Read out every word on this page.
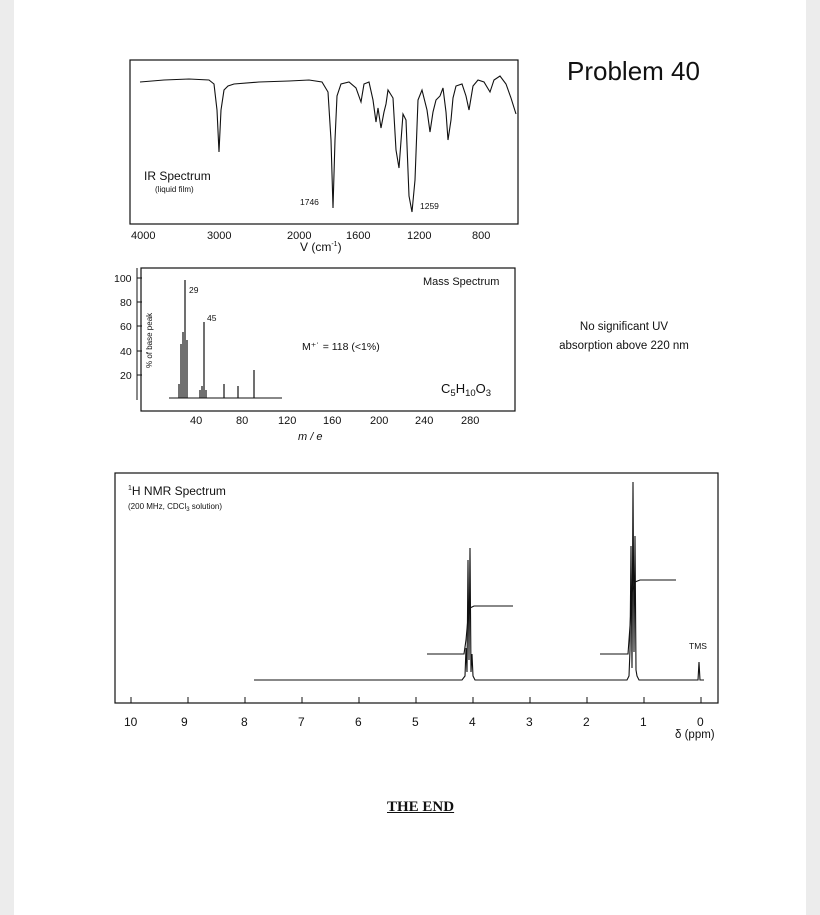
Problem 40
IR Spectrum
(liquid film)
1746	1259
4000	3000	2000	1600	1200	800
V $(cm^{-1})$
100
80
60
40
20
% of base peak
29
45
Mass Spectrum
M⁺˙ = 118 (<1%)
$C_5H_{10}O_3$
40	80	120 160	200 240	280
m / e
$^1$H NMR Spectrum
(200 MHz, CDCl$_3$ solution)
TMS
10	9	8	7	6	5	4	3	2	1	0
δ (ppm)
No significant UV
absorption above 220 nm
THE END
